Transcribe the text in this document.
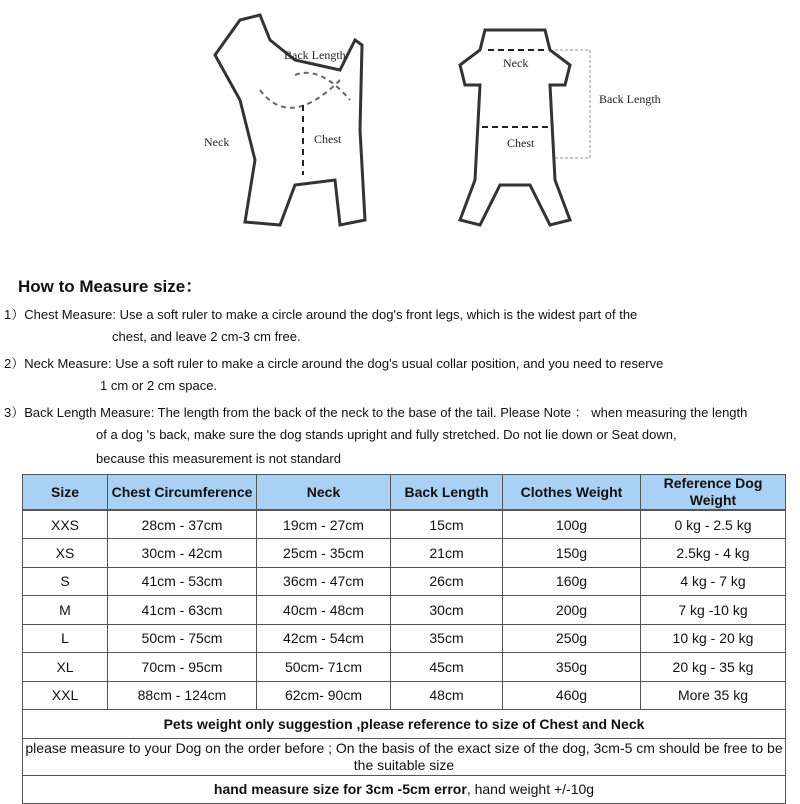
Back Length
Neck	Chest
Neck
Back Length
Chest
How to Measure size：
1）Chest Measure: Use a soft ruler to make a circle around the dog's front legs, which is the widest part of the
chest, and leave 2 cm-3 cm free.
2）Neck Measure: Use a soft ruler to make a circle around the dog's usual collar position, and you need to reserve
1 cm or 2 cm space.
3）Back Length Measure: The length from the back of the neck to the base of the tail. Please Note ： when measuring the length
of a dog 's back, make sure the dog stands upright and fully stretched. Do not lie down or Seat down,
because this measurement is not standard
Size	Chest Circumference	Neck	Back Length	Clothes Weight	Reference Dog Weight
XXS	28cm - 37cm	19cm - 27cm	15cm	100g	0 kg - 2.5 kg
XS	30cm - 42cm	25cm - 35cm	21cm	150g	2.5kg - 4 kg
S	41cm - 53cm	36cm - 47cm	26cm	160g	4 kg - 7 kg
M	41cm - 63cm	40cm - 48cm	30cm	200g	7 kg -10 kg
L	50cm - 75cm	42cm - 54cm	35cm	250g	10 kg - 20 kg
XL	70cm - 95cm	50cm- 71cm	45cm	350g	20 kg - 35 kg
XXL	88cm - 124cm	62cm- 90cm	48cm	460g	More 35 kg
Pets weight only suggestion ,please reference to size of Chest and Neck					
please measure to your Dog on the order before ; On the basis of the exact size of the dog, 3cm-5 cm should be free to be the suitable size					
hand measure size for 3cm -5cm error, hand weight +/-10g					
